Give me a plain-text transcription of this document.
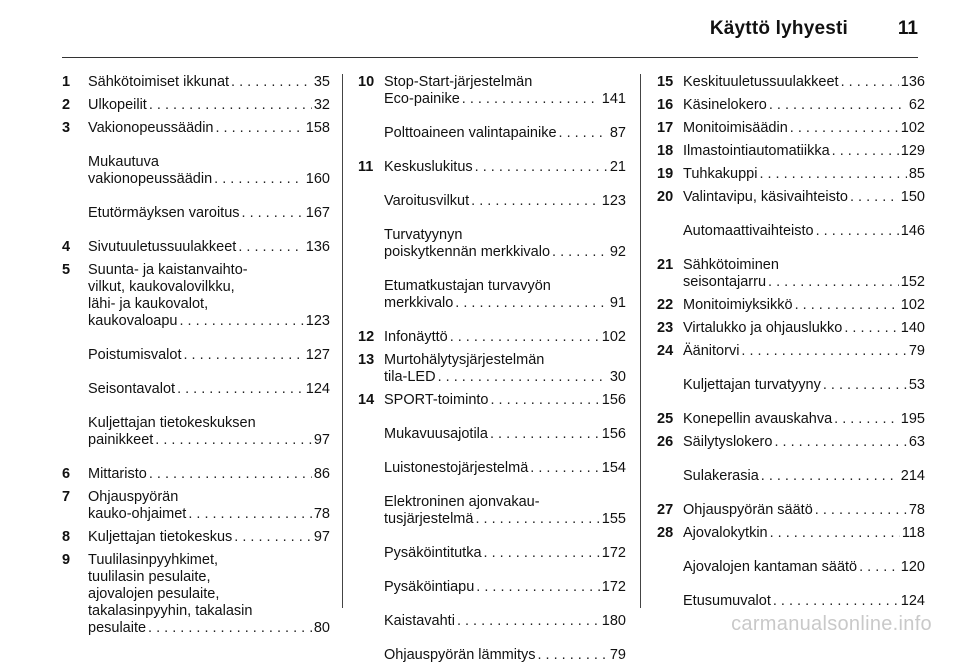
Käyttö lyhyesti	11
1	Sähkötoimiset ikkunat . . .	35
2	Ulkopeilit . . .	32
3	Vakionopeussäädin . . .	158
Mukautuva
vakionopeussäädin . . .	160
Etutörmäyksen varoitus . . .	167
4	Sivutuuletussuulakkeet . . .	136
5	Suunta- ja kaistanvaihto-
vilkut, kaukovalovilkku,
lähi- ja kaukovalot,
kaukovaloapu . . .	123
Poistumisvalot . . .	127
Seisontavalot . . .	124
Kuljettajan tietokeskuksen
painikkeet . . .	97
6	Mittaristo . . .	86
7	Ohjauspyörän
kauko-ohjaimet . . .	78
8	Kuljettajan tietokeskus . . .	97
9	Tuulilasinpyyhkimet,
tuulilasin pesulaite,
ajovalojen pesulaite,
takalasinpyyhin, takalasin
pesulaite . . .	80
10 Stop-Start-järjestelmän
Eco-painike . . .	141
Polttoaineen valintapainike . . .	87
11 Keskuslukitus . . .	21
Varoitusvilkut . . .	123
Turvatyynyn
poiskytkennän merkkivalo . . .	92
Etumatkustajan turvavyön
merkkivalo . . .	91
12 Infonäyttö . . .	102
13 Murtohälytysjärjestelmän
tila-LED . . .	30
14 SPORT-toiminto . . .	156
Mukavuusajotila . . .	156
Luistonestojärjestelmä . . .	154
Elektroninen ajonvakau-
tusjärjestelmä . . .	155
Pysäköintitutka . . .	172
Pysäköintiapu . . .	172
Kaistavahti . . .	180
Ohjauspyörän lämmitys . . .	79
15 Keskituuletussuulakkeet . . .	136
16 Käsinelokero . . .	62
17 Monitoimisäädin . . .	102
18 Ilmastointiautomatiikka . . .	129
19 Tuhkakuppi . . .	85
20 Valintavipu, käsivaihteisto . . .	150
Automaattivaihteisto . . .	146
21 Sähkötoiminen
seisontajarru . . .	152
22 Monitoimiyksikkö . . .	102
23 Virtalukko ja ohjauslukko . . .	140
24 Äänitorvi . . .	79
Kuljettajan turvatyyny . . .	53
25 Konepellin avauskahva . . .	195
26 Säilytyslokero . . .	63
Sulakerasia . . .	214
27 Ohjauspyörän säätö . . .	78
28 Ajovalokytkin . . .	118
Ajovalojen kantaman säätö . . .	120
Etusumuvalot . . .	124
carmanualsonline.info
